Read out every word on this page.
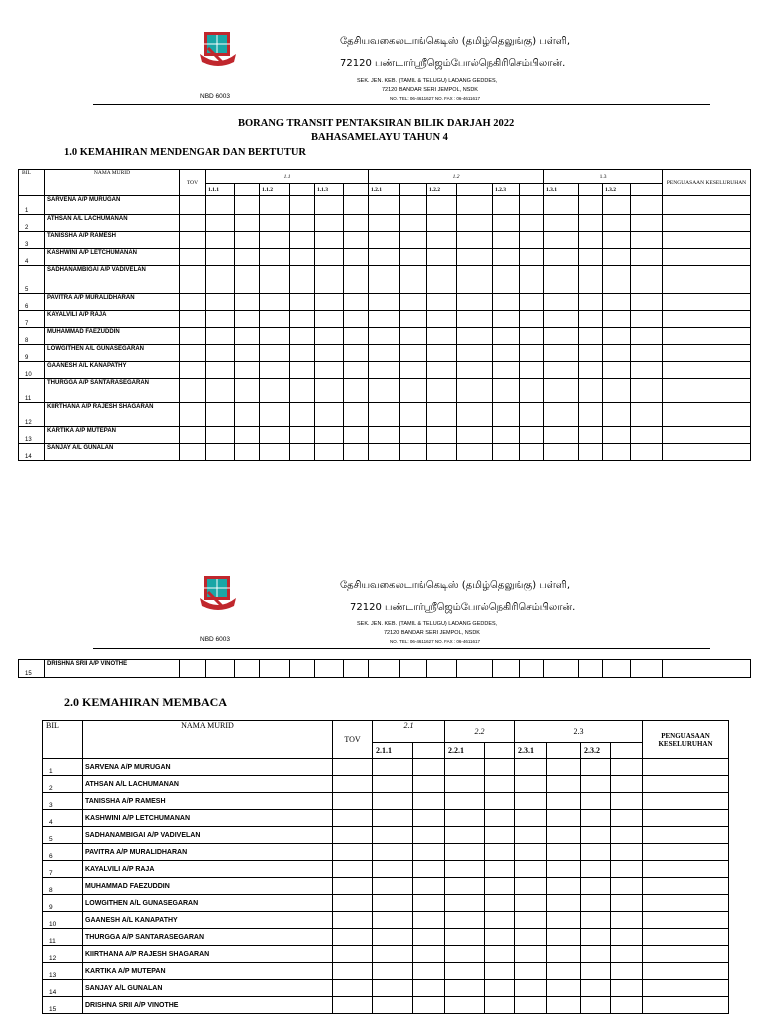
தேசியவகைலடாங்கெடிஸ் (தமிழ்தெலுங்கு) பள்ளி,
72120 பண்டார்ஸ்ரீஜெம்போல்நெகிரிசெம்பிலான்.
SEK. JEN. KEB. (TAMIL & TELUGU) LADANG GEDDES,
72120 BANDAR SERI JEMPOL, NSDK
NO. TEL: 06-4611627 NO. FAX : 06-4611617
NBD 6003
BORANG TRANSIT PENTAKSIRAN BILIK DARJAH 2022
BAHASAMELAYU TAHUN 4
1.0 KEMAHIRAN MENDENGAR DAN BERTUTUR
BIL	NAMA MURID	TOV	1.1						1.2						1.3				PENGUASAAN KESELURUHAN
			1.1.1		1.1.2		1.1.3		1.2.1		1.2.2		1.2.3		1.3.1		1.3.2		
1	SARVENA A/P MURUGAN																		
2	ATHSAN A/L LACHUMANAN																		
3	TANISSHA A/P RAMESH																		
4	KASHWINI A/P LETCHUMANAN																		
5	SADHANAMBIGAI A/P VADIVELAN																		
6	PAVITRA A/P MURALIDHARAN																		
7	KAYALVILI A/P RAJA																		
8	MUHAMMAD FAEZUDDIN																		
9	LOWGITHEN A/L GUNASEGARAN																		
10	GAANESH A/L KANAPATHY																		
11	THURGGA A/P SANTARASEGARAN																		
12	KIIRTHANA A/P RAJESH SHAGARAN																		
13	KARTIKA A/P MUTEPAN																		
14	SANJAY A/L GUNALAN																		
தேசியவகைலடாங்கெடிஸ் (தமிழ்தெலுங்கு) பள்ளி,
72120 பண்டார்ஸ்ரீஜெம்போல்நெகிரிசெம்பிலான்.
SEK. JEN. KEB. (TAMIL & TELUGU) LADANG GEDDES,
72120 BANDAR SERI JEMPOL, NSDK
NO. TEL: 06-4611627 NO. FAX : 06-4611617
NBD 6003
15	DRISHNA SRII A/P VINOTHE																		
2.0 KEMAHIRAN MEMBACA
BIL	NAMA MURID	TOV	2.1		2.2		2.3				PENGUASAAN KESELURUHAN
			2.1.1		2.2.1		2.3.1		2.3.2		
1	SARVENA A/P MURUGAN										
2	ATHSAN A/L LACHUMANAN										
3	TANISSHA A/P RAMESH										
4	KASHWINI A/P LETCHUMANAN										
5	SADHANAMBIGAI A/P VADIVELAN										
6	PAVITRA A/P MURALIDHARAN										
7	KAYALVILI A/P RAJA										
8	MUHAMMAD FAEZUDDIN										
9	LOWGITHEN A/L GUNASEGARAN										
10	GAANESH A/L KANAPATHY										
11	THURGGA A/P SANTARASEGARAN										
12	KIIRTHANA A/P RAJESH SHAGARAN										
13	KARTIKA A/P MUTEPAN										
14	SANJAY A/L GUNALAN										
15	DRISHNA SRII A/P VINOTHE										
